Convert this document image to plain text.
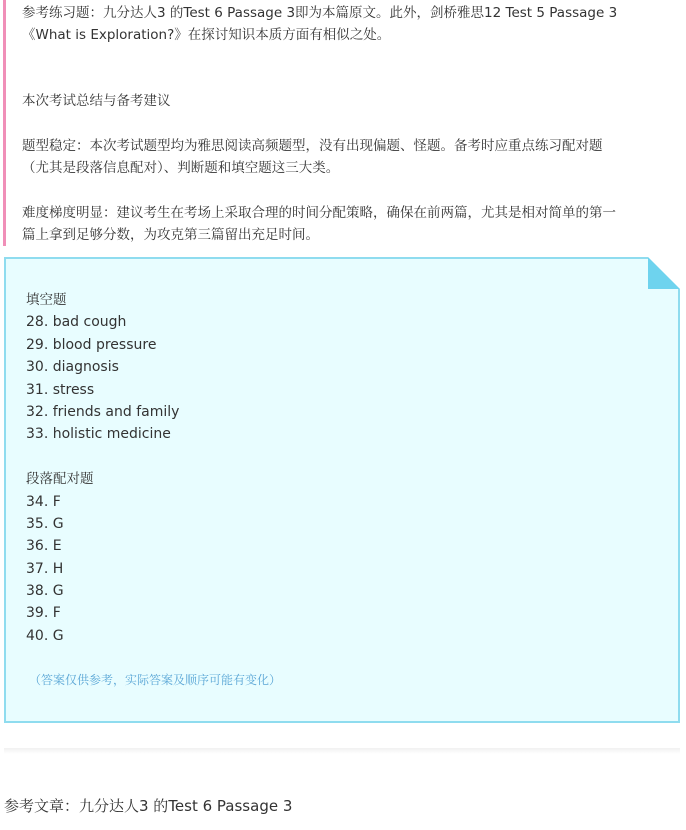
参考练习题：九分达人3 的Test 6 Passage 3即为本篇原文。此外，剑桥雅思12 Test 5 Passage 3

《What is Exploration?》在探讨知识本质方面有相似之处。

本次考试总结与备考建议

题型稳定：本次考试题型均为雅思阅读高频题型，没有出现偏题、怪题。备考时应重点练习配对题

（尤其是段落信息配对）、判断题和填空题这三大类。

难度梯度明显：建议考生在考场上采取合理的时间分配策略，确保在前两篇，尤其是相对简单的第一

篇上拿到足够分数，为攻克第三篇留出充足时间。

填空题
28. bad cough
29. blood pressure
30. diagnosis
31. stress
32. friends and family
33. holistic medicine
段落配对题
34. F
35. G
36. E
37. H
38. G
39. F
40. G
（答案仅供参考，实际答案及顺序可能有变化）
参考文章：九分达人3 的Test 6 Passage 3
